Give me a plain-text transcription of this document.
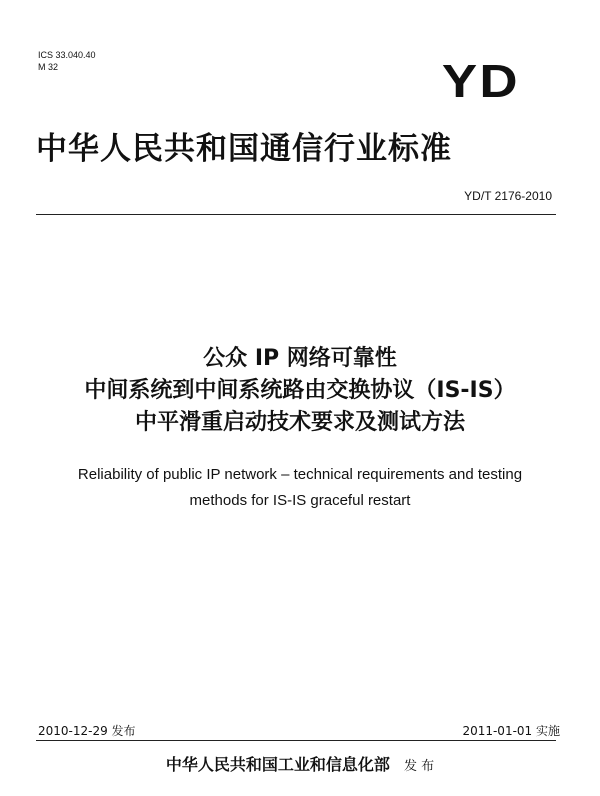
ICS 33.040.40
M 32	YD
中华人民共和国通信行业标准
YD/T 2176-2010
公众 IP 网络可靠性
中间系统到中间系统路由交换协议（IS-IS）
中平滑重启动技术要求及测试方法
Reliability of public IP network – technical requirements and testing
methods for IS-IS graceful restart
2010-12-29 发布	2011-01-01 实施
中华人民共和国工业和信息化部 发 布
